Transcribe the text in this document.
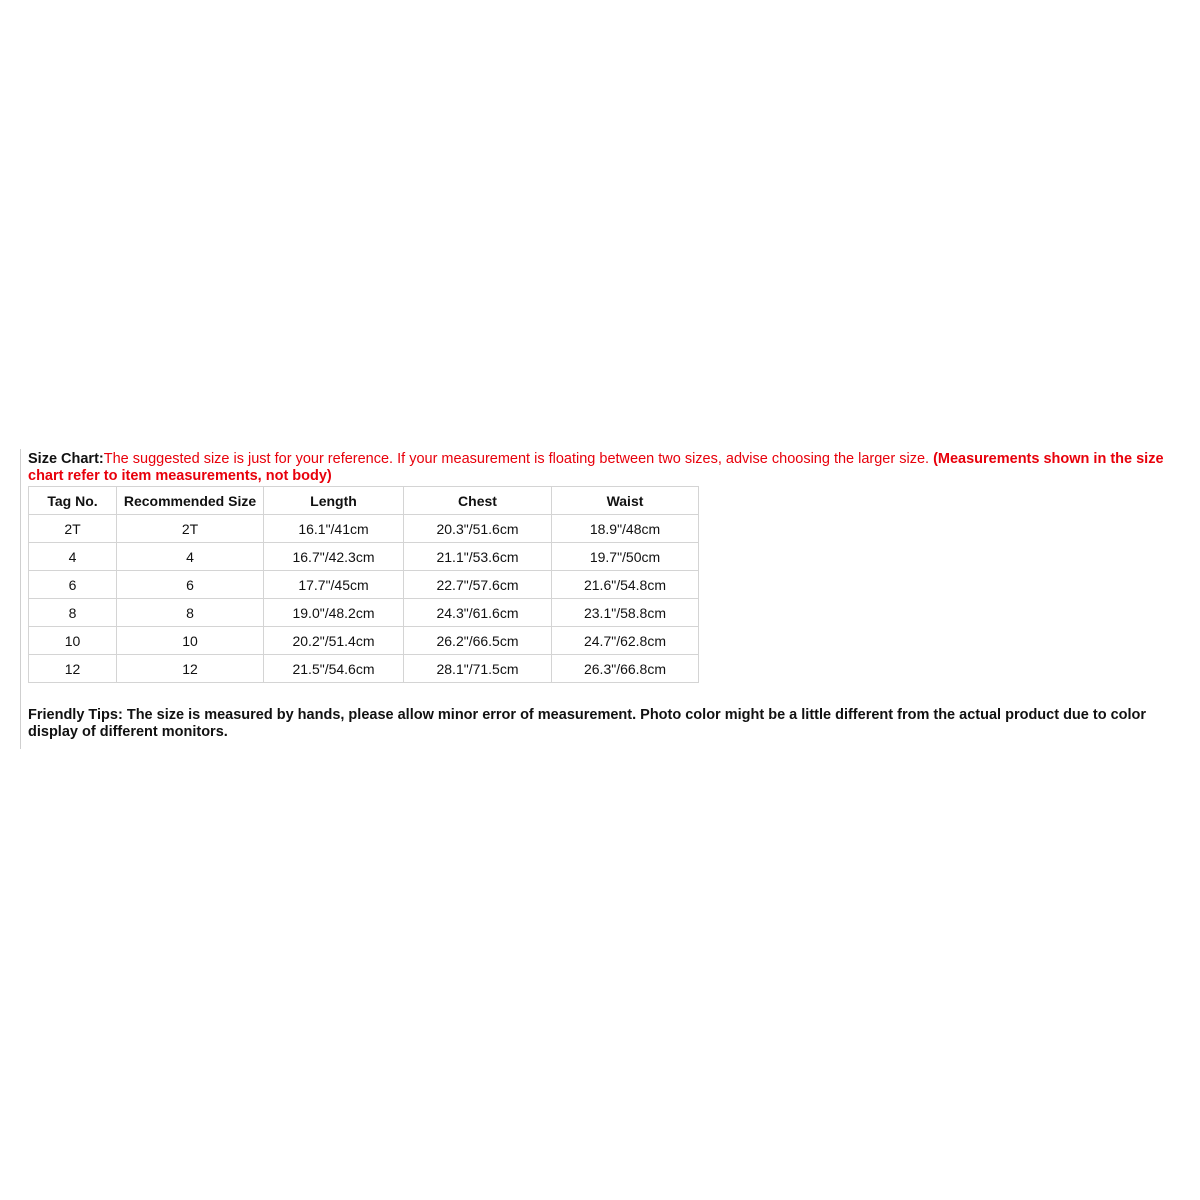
Size Chart:The suggested size is just for your reference. If your measurement is floating between two sizes, advise choosing the larger size. (Measurements shown in the size chart refer to item measurements, not body)
Tag No.	Recommended Size	Length	Chest	Waist
2T	2T	16.1"/41cm	20.3"/51.6cm	18.9"/48cm
4	4	16.7"/42.3cm	21.1"/53.6cm	19.7"/50cm
6	6	17.7"/45cm	22.7"/57.6cm	21.6"/54.8cm
8	8	19.0"/48.2cm	24.3"/61.6cm	23.1"/58.8cm
10	10	20.2"/51.4cm	26.2"/66.5cm	24.7"/62.8cm
12	12	21.5"/54.6cm	28.1"/71.5cm	26.3"/66.8cm
Friendly Tips: The size is measured by hands, please allow minor error of measurement. Photo color might be a little different from the actual product due to color display of different monitors.
